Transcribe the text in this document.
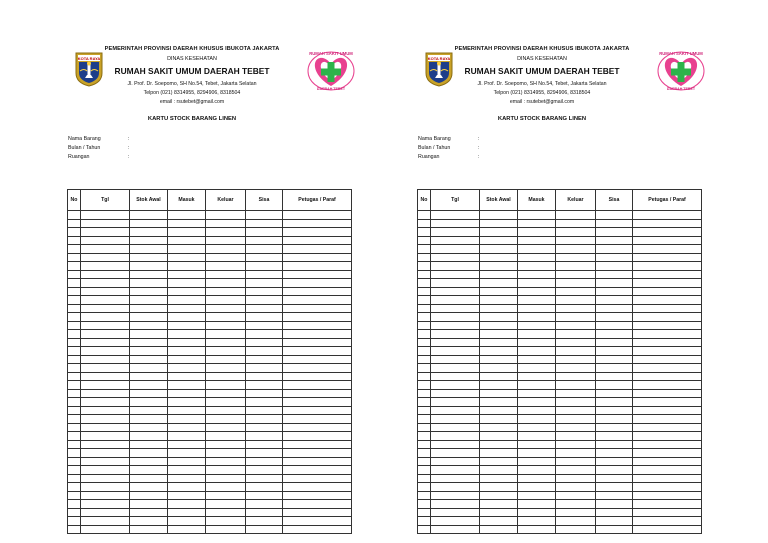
KOTA RAYA
PEMERINTAH PROVINSI DAERAH KHUSUS IBUKOTA JAKARTA
DINAS KESEHATAN
RUMAH SAKIT UMUM DAERAH TEBET
Jl. Prof. Dr. Soepomo, SH No.54, Tebet, Jakarta Selatan
Telpon (021) 8314955, 8294906, 8318504
email : rsutebet@gmail.com
RUMAH SAKIT UMUM
DAERAH TEBET
KARTU STOCK BARANG LINEN
Nama Barang	:
Bulan / Tahun	:
Ruangan	:
No	Tgl	Stok Awal	Masuk	Keluar	Sisa	Petugas / Paraf

KOTA RAYA
PEMERINTAH PROVINSI DAERAH KHUSUS IBUKOTA JAKARTA
DINAS KESEHATAN
RUMAH SAKIT UMUM DAERAH TEBET
Jl. Prof. Dr. Soepomo, SH No.54, Tebet, Jakarta Selatan
Telpon (021) 8314955, 8294906, 8318504
email : rsutebet@gmail.com
RUMAH SAKIT UMUM
DAERAH TEBET
KARTU STOCK BARANG LINEN
Nama Barang	:
Bulan / Tahun	:
Ruangan	:
No	Tgl	Stok Awal	Masuk	Keluar	Sisa	Petugas / Paraf
